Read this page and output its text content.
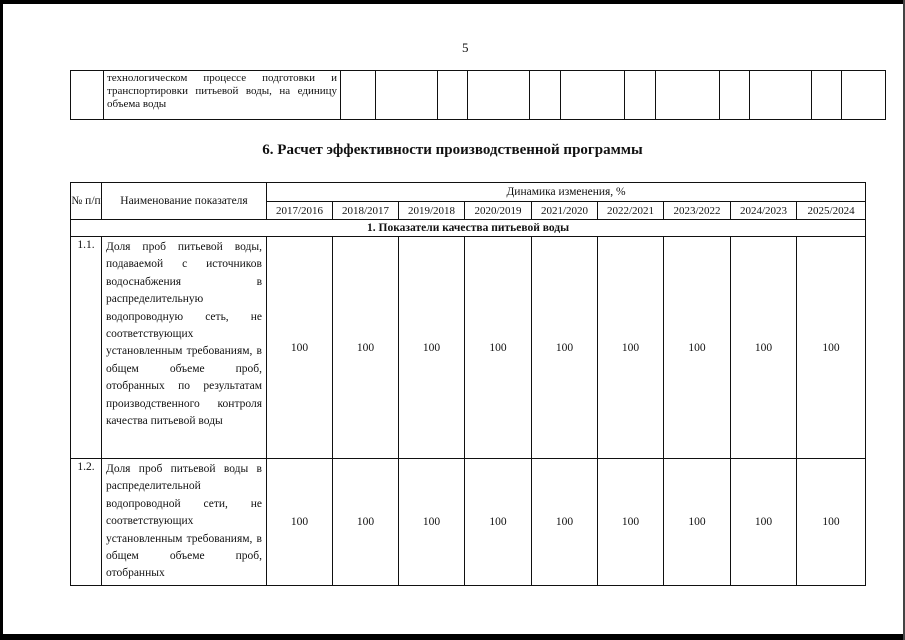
5
	технологическом процессе подготовки и транспортировки питьевой воды, на единицу объема воды												
6. Расчет эффективности производственной программы
№ п/п	Наименование показателя	Динамика изменения, %								
		2017/2016	2018/2017	2019/2018	2020/2019	2021/2020	2022/2021	2023/2022	2024/2023	2025/2024
1. Показатели качества питьевой воды										
1.1.	Доля проб питьевой воды, подаваемой с источников водоснабжения в распределительную водопроводную сеть, не соответствующих установленным требованиям, в общем объеме проб, отобранных по результатам производственного контроля качества питьевой воды	100	100	100	100	100	100	100	100	100
1.2.	Доля проб питьевой воды в распределительной водопроводной сети, не соответствующих установленным требованиям, в общем объеме проб, отобранных	100	100	100	100	100	100	100	100	100
